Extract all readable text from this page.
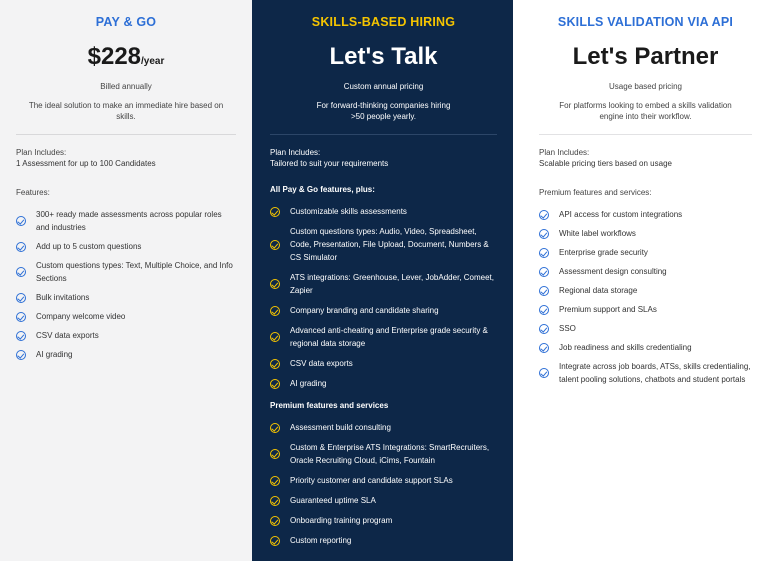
PAY & GO
$228/year
Billed annually
The ideal solution to make an immediate hire based on skills.
Plan Includes:
1 Assessment for up to 100 Candidates
Features:
300+ ready made assessments across popular roles and industries
Add up to 5 custom questions
Custom questions types: Text, Multiple Choice, and Info Sections
Bulk invitations
Company welcome video
CSV data exports
AI grading
SKILLS-BASED HIRING
Let's Talk
Custom annual pricing
For forward-thinking companies hiring >50 people yearly.
Plan Includes:
Tailored to suit your requirements
All Pay & Go features, plus:
Customizable skills assessments
Custom questions types: Audio, Video, Spreadsheet, Code, Presentation, File Upload, Document, Numbers & CS Simulator
ATS integrations: Greenhouse, Lever, JobAdder, Comeet, Zapier
Company branding and candidate sharing
Advanced anti-cheating and Enterprise grade security & regional data storage
CSV data exports
AI grading
Premium features and services
Assessment build consulting
Custom & Enterprise ATS Integrations: SmartRecruiters, Oracle Recruiting Cloud, iCims, Fountain
Priority customer and candidate support SLAs
Guaranteed uptime SLA
Onboarding training program
Custom reporting
SKILLS VALIDATION VIA API
Let's Partner
Usage based pricing
For platforms looking to embed a skills validation engine into their workflow.
Plan Includes:
Scalable pricing tiers based on usage
Premium features and services:
API access for custom integrations
White label workflows
Enterprise grade security
Assessment design consulting
Regional data storage
Premium support and SLAs
SSO
Job readiness and skills credentialing
Integrate across job boards, ATSs, skills credentialing, talent pooling solutions, chatbots and student portals
